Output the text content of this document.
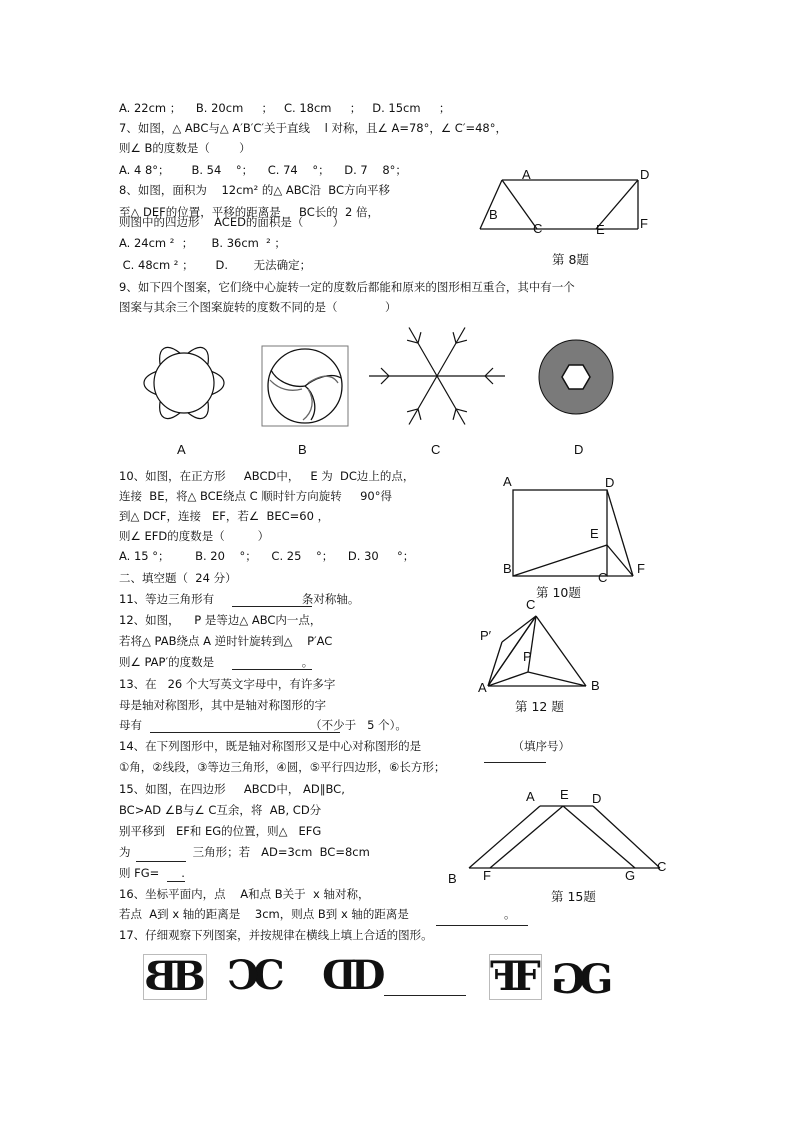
A. 22cm ；    B. 20cm     ；   C. 18cm     ；   D. 15cm     ；
7、如图，△ ABC与△ A′B′C′关于直线    l 对称，且∠ A=78°，∠ C′=48°，
则∠ B的度数是（        ）
A. 4 8°；      B. 54    °；    C. 74    °；    D. 7    8°；
8、如图，面积为    12cm² 的△ ABC沿  BC方向平移
至△ DEF的位置，平移的距离是     BC长的  2 倍，
则图中的四边形    ACED的面积是（        ）
A. 24cm ²  ；     B. 36cm  ² ；
C. 48cm ² ；      D.       无法确定；
9、如下四个图案，它们绕中心旋转一定的度数后都能和原来的图形相互重合，其中有一个
图案与其余三个图案旋转的度数不同的是（             ）
10、如图，在正方形     ABCD中，   E 为  DC边上的点，
连接  BE，将△ BCE绕点 C 顺时针方向旋转     90°得
到△ DCF，连接   EF，若∠  BEC=60 ，
则∠ EFD的度数是（         ）
A. 15 °；       B. 20    °；    C. 25    °；    D. 30     °；
二、填空题（  24 分）
11、等边三角形有                        条对称轴。
12、如图，    P 是等边△ ABC内一点，
若将△ PAB绕点 A 逆时针旋转到△    P′AC
则∠ PAP′的度数是                        。
13、在   26 个大写英文字母中，有许多字
母是轴对称图形，其中是轴对称图形的字
母有                                              （不少于   5 个）。
14、在下列图形中，既是轴对称图形又是中心对称图形的是                         （填序号）
①角，②线段，③等边三角形，④圆，⑤平行四边形，⑥长方形；
15、如图，在四边形     ABCD中， AD∥BC,
BC>AD ∠B与∠ C互余，将  AB, CD分
别平移到   EF和 EG的位置，则△   EFG
为                 三角形；若   AD=3cm  BC=8cm
则 FG=      .
16、坐标平面内，点    A和点 B关于  x 轴对称，
若点  A到 x 轴的距离是    3cm，则点 B到 x 轴的距离是                          。
17、仔细观察下列图案，并按规律在横线上填上合适的图形。
A	D
B
C	E	F
第 8题
A	B	C	D
A	D
E
B
C
F
第 10题
C
P′
P
A	B
第 12 题
A E D
B F	G
C
第 15题
B
B C
C D
D	F
F G
G
